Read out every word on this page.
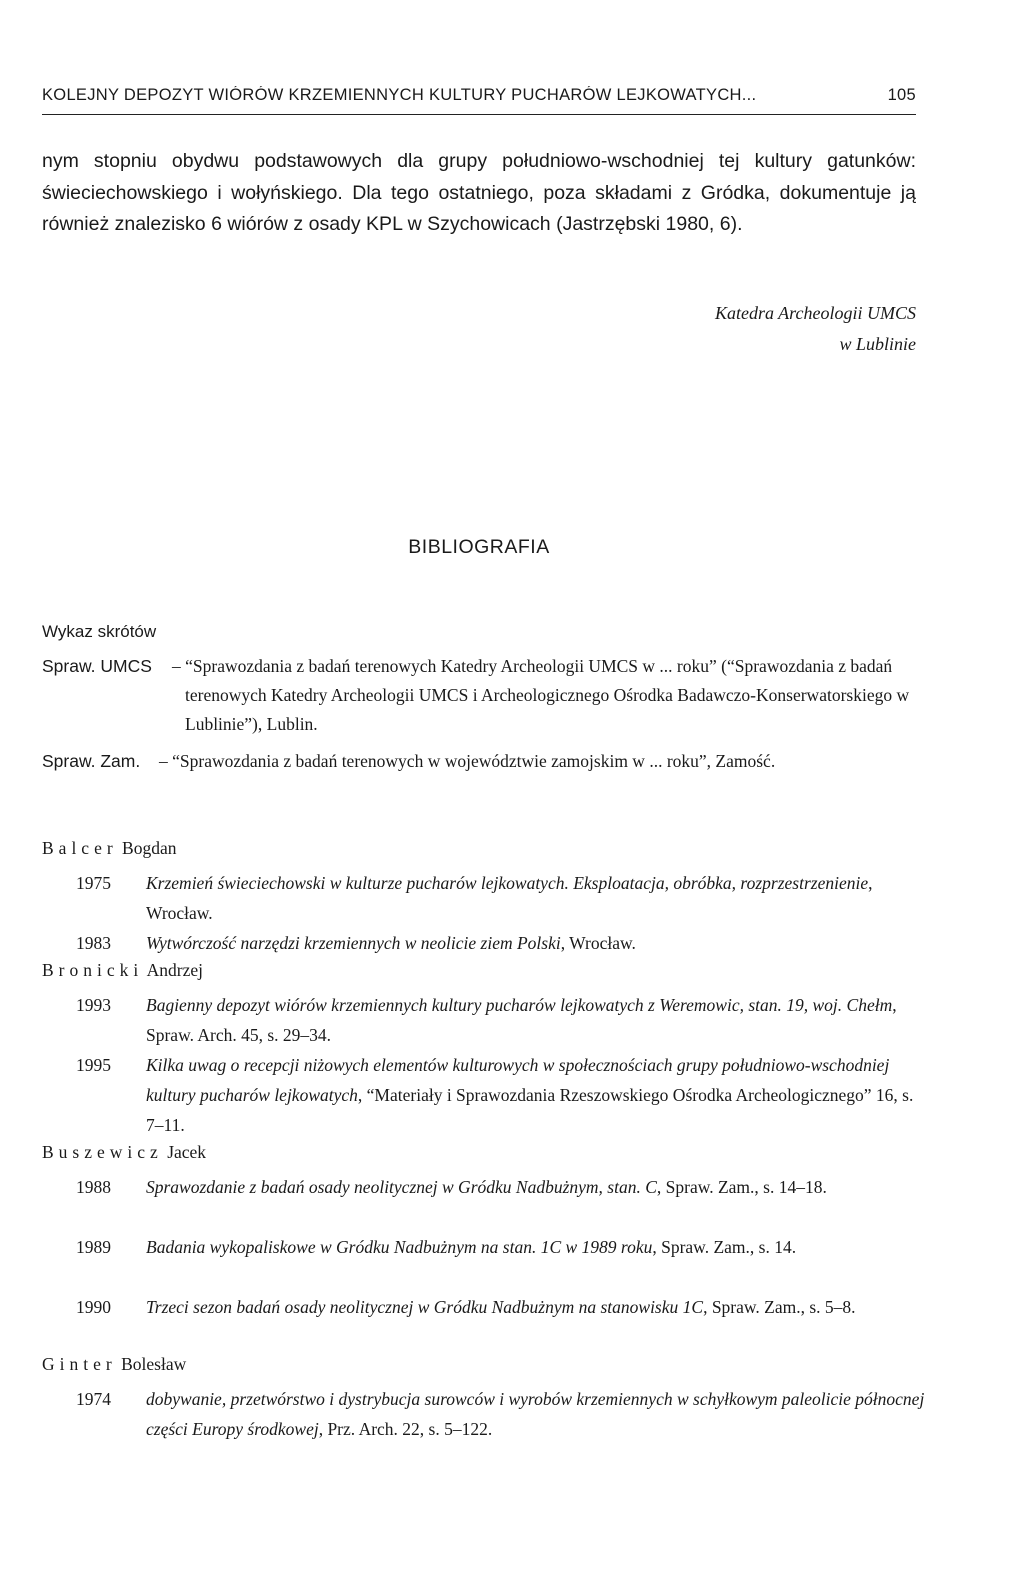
KOLEJNY DEPOZYT WIÓRÓW KRZEMIENNYCH KULTURY PUCHARÓW LEJKOWATYCH...	105
nym stopniu obydwu podstawowych dla grupy południowo-wschodniej tej kultury gatunków: świeciechowskiego i wołyńskiego. Dla tego ostatniego, poza składami z Gródka, dokumentuje ją również znalezisko 6 wiórów z osady KPL w Szychowicach (Jastrzębski 1980, 6).
Katedra Archeologii UMCS
w Lublinie
BIBLIOGRAFIA
Wykaz skrótów
Spraw. UMCS – “Sprawozdania z badań terenowych Katedry Archeologii UMCS w ... roku” (“Sprawozdania z badań terenowych Katedry Archeologii UMCS i Archeologicznego Ośrodka Badawczo-Konserwatorskiego w Lublinie”), Lublin.
Spraw. Zam. – “Sprawozdania z badań terenowych w województwie zamojskim w ... roku”, Zamość.
Balcer Bogdan
1975 Krzemień świeciechowski w kulturze pucharów lejkowatych. Eksploatacja, obróbka, rozprzestrzenienie, Wrocław.
1983 Wytwórczość narzędzi krzemiennych w neolicie ziem Polski, Wrocław.
Bronicki Andrzej
1993 Bagienny depozyt wiórów krzemiennych kultury pucharów lejkowatych z Weremowic, stan. 19, woj. Chełm, Spraw. Arch. 45, s. 29–34.
1995 Kilka uwag o recepcji niżowych elementów kulturowych w społecznościach grupy południowo-wschodniej kultury pucharów lejkowatych, “Materiały i Sprawozdania Rzeszowskiego Ośrodka Archeologicznego” 16, s. 7–11.
Buszewicz Jacek
1988 Sprawozdanie z badań osady neolitycznej w Gródku Nadbużnym, stan. C, Spraw. Zam., s. 14–18.
1989 Badania wykopaliskowe w Gródku Nadbużnym na stan. 1C w 1989 roku, Spraw. Zam., s. 14.
1990 Trzeci sezon badań osady neolitycznej w Gródku Nadbużnym na stanowisku 1C, Spraw. Zam., s. 5–8.
Ginter Bolesław
1974 dobywanie, przetwórstwo i dystrybucja surowców i wyrobów krzemiennych w schyłkowym paleolicie północnej części Europy środkowej, Prz. Arch. 22, s. 5–122.
